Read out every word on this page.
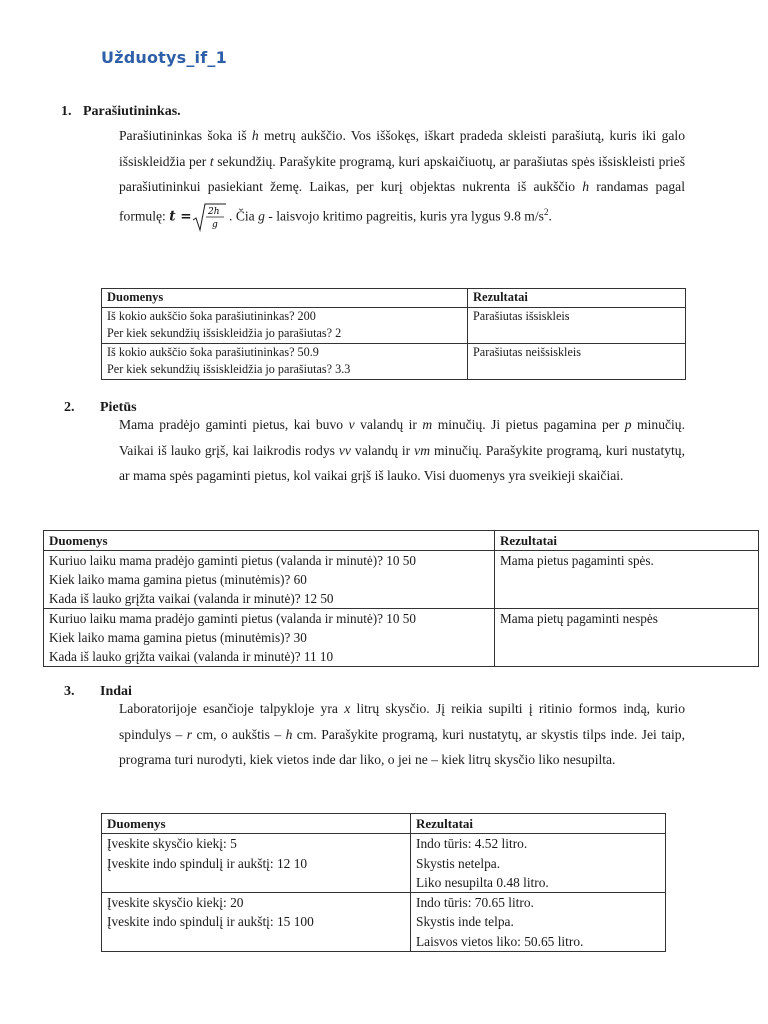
Užduotys_if_1
1. Parašiutininkas.
Parašiutininkas šoka iš h metrų aukščio. Vos iššokęs, iškart pradeda skleisti parašiutą, kuris iki galo išsiskleidžia per t sekundžių. Parašykite programą, kuri apskaičiuotų, ar parašiutas spės išsiskleisti prieš parašiutininkui pasiekiant žemę. Laikas, per kurį objektas nukrenta iš aukščio h randamas pagal formulę: t = 2h
g
. Čia g - laisvojo kritimo pagreitis, kuris yra lygus 9.8 $m/s^2$.
Duomenys	Rezultatai

Iš kokio aukščio šoka parašiutininkas? 200
Per kiek sekundžių išsiskleidžia jo parašiutas? 2	Parašiutas išsiskleis

Iš kokio aukščio šoka parašiutininkas? 50.9
Per kiek sekundžių išsiskleidžia jo parašiutas? 3.3	Parašiutas neišsiskleis
2. Pietūs
Mama pradėjo gaminti pietus, kai buvo v valandų ir m minučių. Ji pietus pagamina per p minučių. Vaikai iš lauko grįš, kai laikrodis rodys vv valandų ir vm minučių. Parašykite programą, kuri nustatytų, ar mama spės pagaminti pietus, kol vaikai grįš iš lauko. Visi duomenys yra sveikieji skaičiai.
Duomenys	Rezultatai

Kuriuo laiku mama pradėjo gaminti pietus (valanda ir minutė)? 10 50
Kiek laiko mama gamina pietus (minutėmis)? 60
Kada iš lauko grįžta vaikai (valanda ir minutė)? 12 50	Mama pietus pagaminti spės.

Kuriuo laiku mama pradėjo gaminti pietus (valanda ir minutė)? 10 50
Kiek laiko mama gamina pietus (minutėmis)? 30
Kada iš lauko grįžta vaikai (valanda ir minutė)? 11 10	Mama pietų pagaminti nespės
3. Indai
Laboratorijoje esančioje talpykloje yra x litrų skysčio. Jį reikia supilti į ritinio formos indą, kurio spindulys – r cm, o aukštis – h cm. Parašykite programą, kuri nustatytų, ar skystis tilps inde. Jei taip, programa turi nurodyti, kiek vietos inde dar liko, o jei ne – kiek litrų skysčio liko nesupilta.
Duomenys	Rezultatai

Įveskite skysčio kiekį: 5
Įveskite indo spindulį ir aukštį: 12 10	Indo tūris: 4.52 litro.
Skystis netelpa.
Liko nesupilta 0.48 litro.

Įveskite skysčio kiekį: 20
Įveskite indo spindulį ir aukštį: 15 100	Indo tūris: 70.65 litro.
Skystis inde telpa.
Laisvos vietos liko: 50.65 litro.
